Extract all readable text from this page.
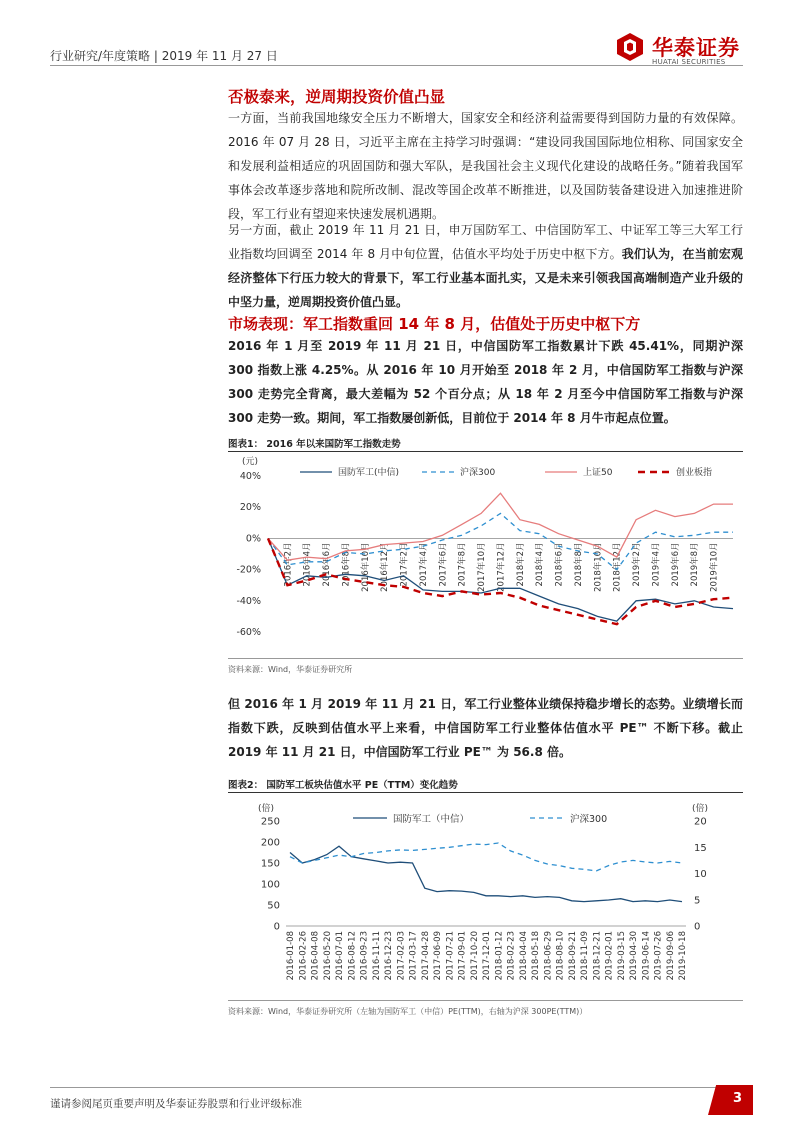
行业研究/年度策略 | 2019 年 11 月 27 日	华泰证券
HUATAI SECURITIES
否极泰来，逆周期投资价值凸显
一方面，当前我国地缘安全压力不断增大，国家安全和经济利益需要得到国防力量的有效保障。2016 年 07 月 28 日，习近平主席在主持学习时强调：“建设同我国国际地位相称、同国家安全和发展利益相适应的巩固国防和强大军队，是我国社会主义现代化建设的战略任务。”随着我国军事体会改革逐步落地和院所改制、混改等国企改革不断推进，以及国防装备建设进入加速推进阶段，军工行业有望迎来快速发展机遇期。
另一方面，截止 2019 年 11 月 21 日，申万国防军工、中信国防军工、中证军工等三大军工行业指数均回调至 2014 年 8 月中旬位置，估值水平均处于历史中枢下方。我们认为，在当前宏观经济整体下行压力较大的背景下，军工行业基本面扎实，又是未来引领我国高端制造产业升级的中坚力量，逆周期投资价值凸显。
市场表现：军工指数重回 14 年 8 月，估值处于历史中枢下方
2016 年 1 月至 2019 年 11 月 21 日，中信国防军工指数累计下跌 45.41%，同期沪深 300 指数上涨 4.25%。从 2016 年 10 月开始至 2018 年 2 月，中信国防军工指数与沪深 300 走势完全背离，最大差幅为 52 个百分点；从 18 年 2 月至今中信国防军工指数与沪深 300 走势一致。期间，军工指数屡创新低，目前位于 2014 年 8 月牛市起点位置。
图表1： 2016 年以来国防军工指数走势
(元)
40%
20%
0%
-20%
-40%
-60%
2016年2月 2016年4月 2016年6月 2016年8月 2016年10月 2016年12月 2017年2月 2017年4月 2017年6月 2017年8月 2017年10月 2017年12月 2018年2月 2018年4月 2018年6月 2018年8月 2018年10月 2018年12月 2019年2月 2019年4月 2019年6月 2019年8月 2019年10月
国防军工(中信)	沪深300	上证50	创业板指
资料来源：Wind，华泰证券研究所
但 2016 年 1 月 2019 年 11 月 21 日，军工行业整体业绩保持稳步增长的态势。业绩增长而指数下跌，反映到估值水平上来看，中信国防军工行业整体估值水平 PE™ 不断下移。截止 2019 年 11 月 21 日，中信国防军工行业 PE™ 为 56.8 倍。
图表2： 国防军工板块估值水平 PE（TTM）变化趋势
(倍)	(倍)
250
200
150
100
50
0
20
15
10
5
0
2016-01-08 2016-02-26 2016-04-08 2016-05-20 2016-07-01 2016-08-12 2016-09-23 2016-11-11 2016-12-23 2017-02-03 2017-03-17 2017-04-28 2017-06-09 2017-07-21 2017-09-01 2017-10-20 2017-12-01 2018-01-12 2018-02-23 2018-04-04 2018-05-18 2018-06-29 2018-08-10 2018-09-21 2018-11-09 2018-12-21 2019-02-01 2019-03-15 2019-04-30 2019-06-14 2019-07-26 2019-09-06 2019-10-18
国防军工（中信）	沪深300
资料来源：Wind，华泰证券研究所（左轴为国防军工（中信）PE(TTM)，右轴为沪深 300PE(TTM)）
谨请参阅尾页重要声明及华泰证券股票和行业评级标准	3
